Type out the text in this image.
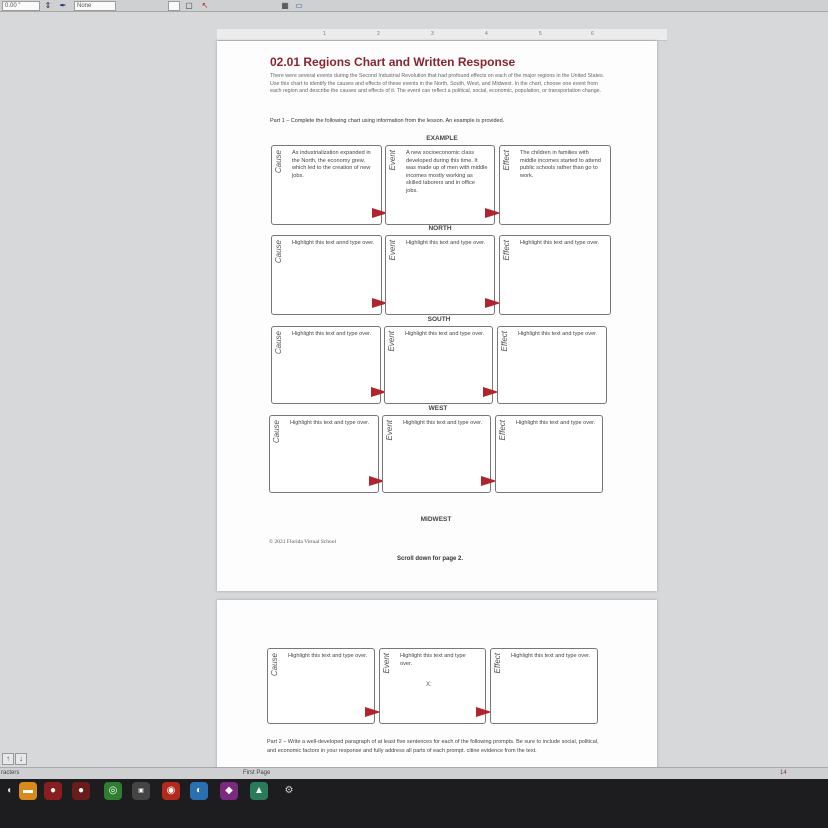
0.00 "	⇕ ✒	None	▢ ↖	▦ ▭
1	2	3	4	5	6
02.01 Regions Chart and Written Response
There were several events during the Second Industrial Revolution that had profound effects on each of the major regions in the United States. Use this chart to identify the causes and effects of these events in the North, South, West, and Midwest. In the chart, choose one event from each region and describe the causes and effects of it. The event can reflect a political, social, economic, population, or transportation change.
Part 1 – Complete the following chart using information from the lesson. An example is provided.
EXAMPLE
Cause As industrialization expanded in the North, the economy grew, which led to the creation of new jobs.
Event A new socioeconomic class developed during this time. It was made up of men with middle incomes mostly working as skilled laborers and in office jobs.
Effect The children in families with middle incomes started to attend public schools rather than go to work.
NORTH
Cause Highlight this text annd type over. Event Highlight this text and type over.	Effect Highlight this text and type over.
SOUTH
Cause Highlight this text and type over.	Event Highlight this text and type over. Effect Highlight this text and type over.
WEST
Cause Highlight this text and type over.	Event Highlight this text and type over. Effect Highlight this text and type over.
MIDWEST
© 2021 Florida Virtual School
Scroll down for page 2.
Cause Highlight this text and type over. Event Highlight this text and type over.	Effect Highlight this text and type over.
X:
Part 2 – Write a well-developed paragraph of at least five sentences for each of the following prompts. Be sure to include social, political, and economic factors in your response and fully address all parts of each prompt. citine evidence from the text.
↑ ↓
racters	First Page	14
◖	▬	●	●	◎	▣	◉	◐	◆	▲	⚙
